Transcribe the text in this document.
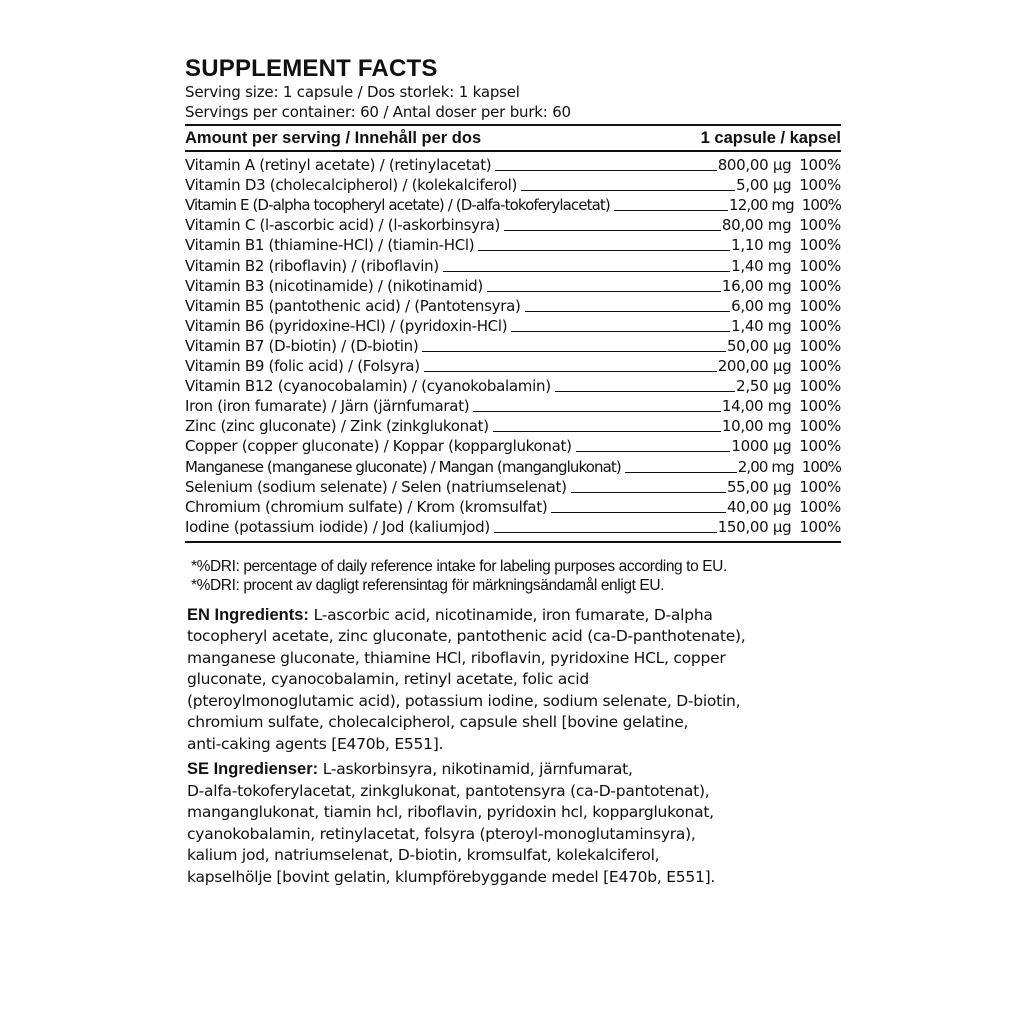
SUPPLEMENT FACTS

Serving size: 1 capsule / Dos storlek: 1 kapsel

Servings per container: 60 / Antal doser per burk: 60

Amount per serving / Innehåll per dos	1 capsule / kapsel
Vitamin A (retinyl acetate) / (retinylacetat)	800,00 µg 100%
Vitamin D3 (cholecalcipherol) / (kolekalciferol)	5,00 µg 100%
Vitamin E (D-alpha tocopheryl acetate) / (D-alfa-tokoferylacetat)	12,00 mg 100%
Vitamin C (l-ascorbic acid) / (l-askorbinsyra)	80,00 mg 100%
Vitamin B1 (thiamine-HCl) / (tiamin-HCl)	1,10 mg 100%
Vitamin B2 (riboflavin) / (riboflavin)	1,40 mg 100%
Vitamin B3 (nicotinamide) / (nikotinamid)	16,00 mg 100%
Vitamin B5 (pantothenic acid) / (Pantotensyra)	6,00 mg 100%
Vitamin B6 (pyridoxine-HCl) / (pyridoxin-HCl)	1,40 mg 100%
Vitamin B7 (D-biotin) / (D-biotin)	50,00 µg 100%
Vitamin B9 (folic acid) / (Folsyra)	200,00 µg 100%
Vitamin B12 (cyanocobalamin) / (cyanokobalamin)	2,50 µg 100%
Iron (iron fumarate) / Järn (järnfumarat)	14,00 mg 100%
Zinc (zinc gluconate) / Zink (zinkglukonat)	10,00 mg 100%
Copper (copper gluconate) / Koppar (kopparglukonat)	1000 µg 100%
Manganese (manganese gluconate) / Mangan (manganglukonat)	2,00 mg 100%
Selenium (sodium selenate) / Selen (natriumselenat)	55,00 µg 100%
Chromium (chromium sulfate) / Krom (kromsulfat)	40,00 µg 100%
Iodine (potassium iodide) / Jod (kaliumjod)	150,00 µg 100%
*%DRI: percentage of daily reference intake for labeling purposes according to EU.
*%DRI: procent av dagligt referensintag för märkningsändamål enligt EU.
EN Ingredients: L-ascorbic acid, nicotinamide, iron fumarate, D-alpha
tocopheryl acetate, zinc gluconate, pantothenic acid (ca-D-panthotenate),
manganese gluconate, thiamine HCl, riboflavin, pyridoxine HCL, copper
gluconate, cyanocobalamin, retinyl acetate, folic acid
(pteroylmonoglutamic acid), potassium iodine, sodium selenate, D-biotin,
chromium sulfate, cholecalcipherol, capsule shell [bovine gelatine,
anti-caking agents [E470b, E551].
SE Ingredienser: L-askorbinsyra, nikotinamid, järnfumarat,
D-alfa-tokoferylacetat, zinkglukonat, pantotensyra (ca-D-pantotenat),
manganglukonat, tiamin hcl, riboflavin, pyridoxin hcl, kopparglukonat,
cyanokobalamin, retinylacetat, folsyra (pteroyl-monoglutaminsyra),
kalium jod, natriumselenat, D-biotin, kromsulfat, kolekalciferol,
kapselhölje [bovint gelatin, klumpförebyggande medel [E470b, E551].
